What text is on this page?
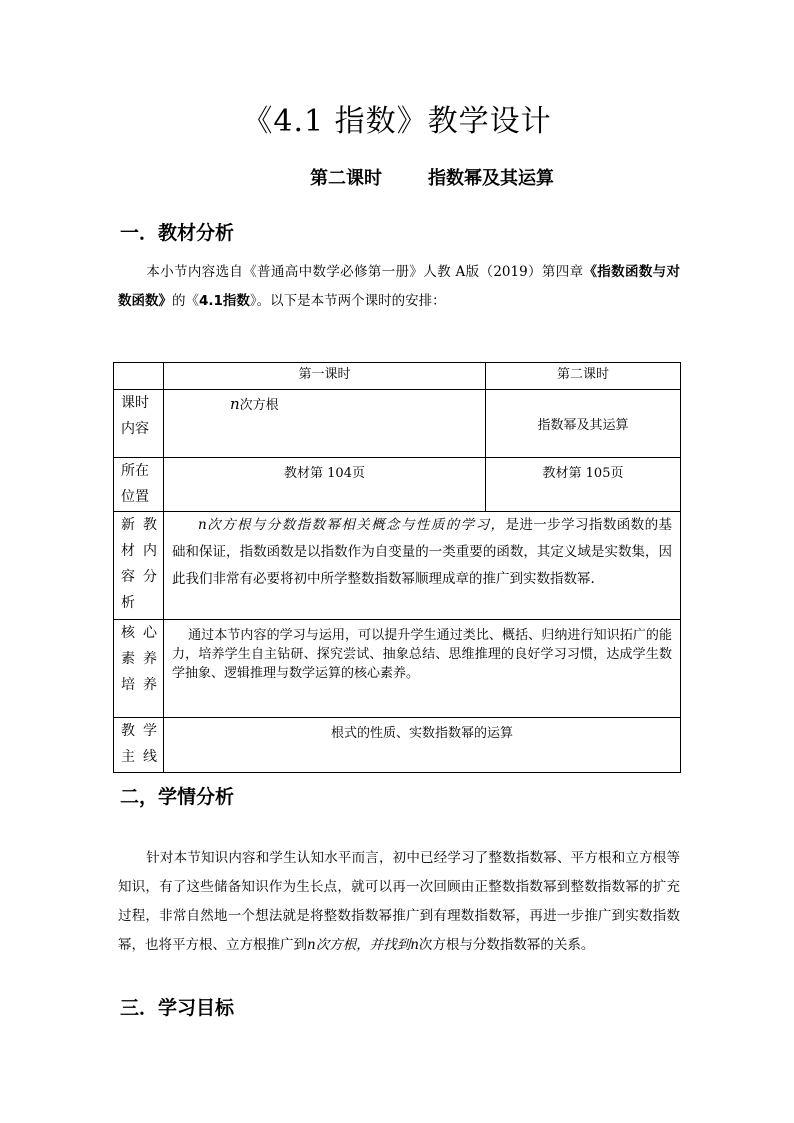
《4.1 指数》教学设计
第二课时	指数幂及其运算
一．教材分析
本小节内容选自《普通高中数学必修第一册》人教 A版（2019）第四章《指数函数与对数函数》的《4.1指数》。以下是本节两个课时的安排：
	第一课时	第二课时
课时内容	n次方根	指数幂及其运算
所在位置	教材第 104页	教材第 105页
新教材内容分析	n次方根与分数指数幂相关概念与性质的学习，是进一步学习指数函数的基础和保证，指数函数是以指数作为自变量的一类重要的函数，其定义域是实数集，因此我们非常有必要将初中所学整数指数幂顺理成章的推广到实数指数幂.	
核心素养培养	通过本节内容的学习与运用，可以提升学生通过类比、概括、归纳进行知识拓广的能力，培养学生自主钻研、探究尝试、抽象总结、思维推理的良好学习习惯，达成学生数学抽象、逻辑推理与数学运算的核心素养。	
教学主线	根式的性质、实数指数幂的运算	
二，学情分析
针对本节知识内容和学生认知水平而言，初中已经学习了整数指数幂、平方根和立方根等知识，有了这些储备知识作为生长点，就可以再一次回顾由正整数指数幂到整数指数幂的扩充过程，非常自然地一个想法就是将整数指数幂推广到有理数指数幂，再进一步推广到实数指数幂，也将平方根、立方根推广到n次方根，并找到n次方根与分数指数幂的关系。
三．学习目标
